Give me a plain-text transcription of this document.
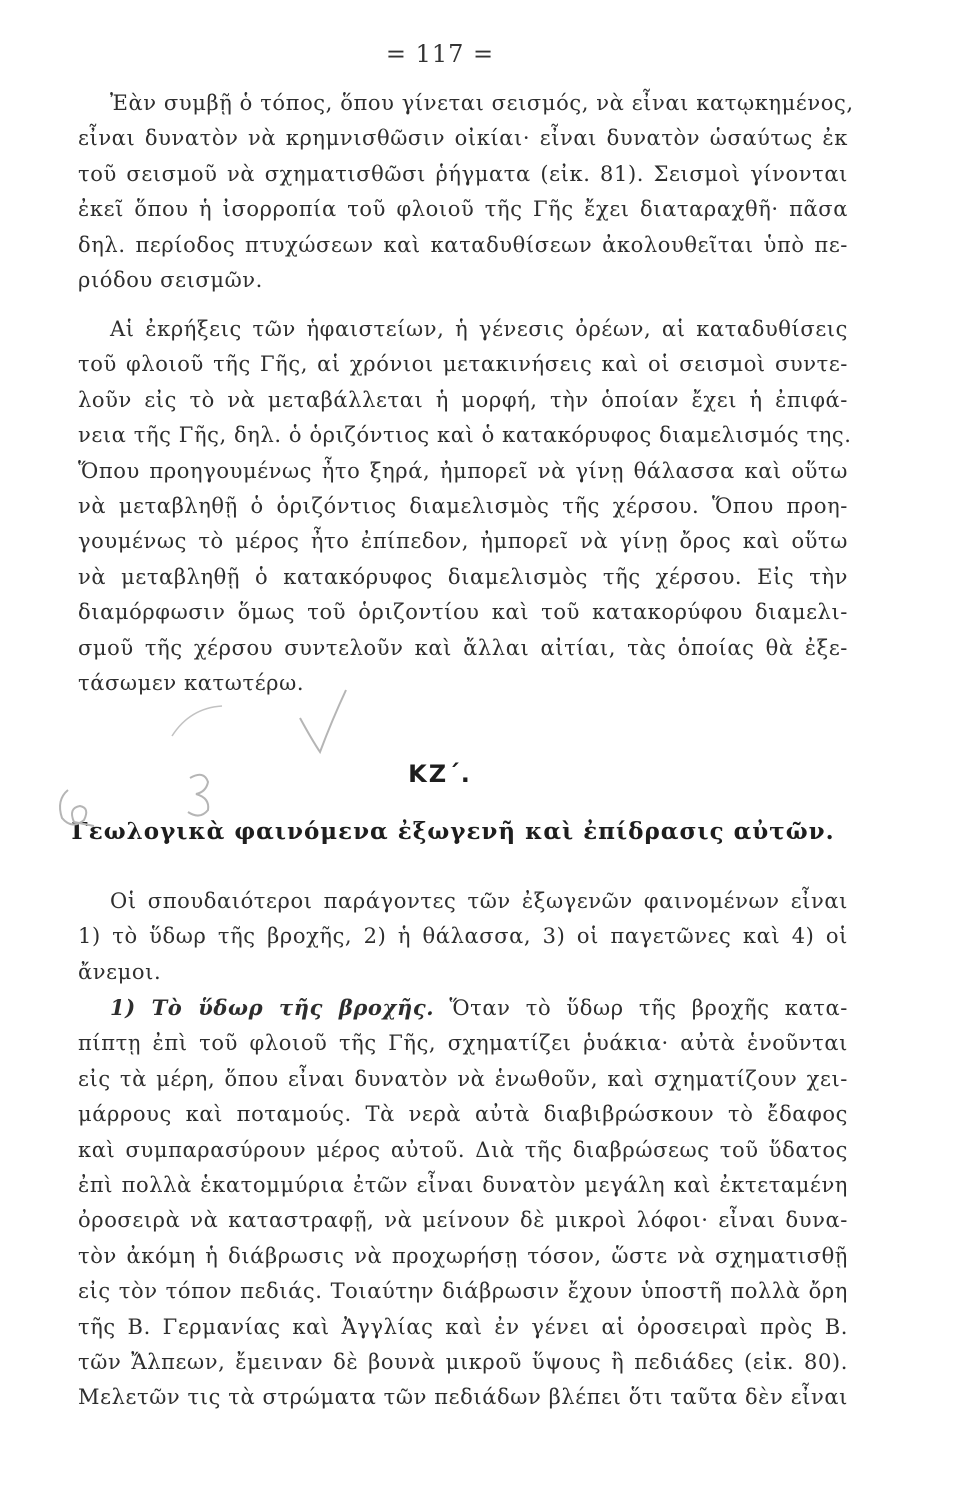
= 117 =
Ἐὰν συμβῇ ὁ τόπος, ὅπου γίνεται σεισμός, νὰ εἶναι κατῳκημένος,
εἶναι δυνατὸν νὰ κρημνισθῶσιν οἰκίαι· εἶναι δυνατὸν ὡσαύτως ἐκ
τοῦ σεισμοῦ νὰ σχηματισθῶσι ῥήγματα (εἰκ. 81). Σεισμοὶ γίνονται
ἐκεῖ ὅπου ἡ ἰσορροπία τοῦ φλοιοῦ τῆς Γῆς ἔχει διαταραχθῆ· πᾶσα
δηλ. περίοδος πτυχώσεων καὶ καταδυθίσεων ἀκολουθεῖται ὑπὸ πε-
ριόδου σεισμῶν.
Αἱ ἐκρήξεις τῶν ἡφαιστείων, ἡ γένεσις ὀρέων, αἱ καταδυθίσεις
τοῦ φλοιοῦ τῆς Γῆς, αἱ χρόνιοι μετακινήσεις καὶ οἱ σεισμοὶ συντε-
λοῦν εἰς τὸ νὰ μεταβάλλεται ἡ μορφή, τὴν ὁποίαν ἔχει ἡ ἐπιφά-
νεια τῆς Γῆς, δηλ. ὁ ὁριζόντιος καὶ ὁ κατακόρυφος διαμελισμός της.
Ὅπου προηγουμένως ἦτο ξηρά, ἠμπορεῖ νὰ γίνῃ θάλασσα καὶ οὕτω
νὰ μεταβληθῇ ὁ ὁριζόντιος διαμελισμὸς τῆς χέρσου. Ὅπου προη-
γουμένως τὸ μέρος ἦτο ἐπίπεδον, ἠμπορεῖ νὰ γίνῃ ὄρος καὶ οὕτω
νὰ μεταβληθῇ ὁ κατακόρυφος διαμελισμὸς τῆς χέρσου. Εἰς τὴν
διαμόρφωσιν ὅμως τοῦ ὁριζοντίου καὶ τοῦ κατακορύφου διαμελι-
σμοῦ τῆς χέρσου συντελοῦν καὶ ἄλλαι αἰτίαι, τὰς ὁποίας θὰ ἐξε-
τάσωμεν κατωτέρω.
ΚΖ΄.
Γεωλογικὰ φαινόμενα ἐξωγενῆ καὶ ἐπίδρασις αὐτῶν.
Οἱ σπουδαιότεροι παράγοντες τῶν ἐξωγενῶν φαινομένων εἶναι
1) τὸ ὕδωρ τῆς βροχῆς, 2) ἡ θάλασσα, 3) οἱ παγετῶνες καὶ 4) οἱ
ἄνεμοι.
1) Τὸ ὕδωρ τῆς βροχῆς. Ὅταν τὸ ὕδωρ τῆς βροχῆς κατα-
πίπτῃ ἐπὶ τοῦ φλοιοῦ τῆς Γῆς, σχηματίζει ῥυάκια· αὐτὰ ἑνοῦνται
εἰς τὰ μέρη, ὅπου εἶναι δυνατὸν νὰ ἑνωθοῦν, καὶ σχηματίζουν χει-
μάρρους καὶ ποταμούς. Τὰ νερὰ αὐτὰ διαβιβρώσκουν τὸ ἔδαφος
καὶ συμπαρασύρουν μέρος αὐτοῦ. Διὰ τῆς διαβρώσεως τοῦ ὕδατος
ἐπὶ πολλὰ ἑκατομμύρια ἐτῶν εἶναι δυνατὸν μεγάλη καὶ ἐκτεταμένη
ὀροσειρὰ νὰ καταστραφῇ, νὰ μείνουν δὲ μικροὶ λόφοι· εἶναι δυνα-
τὸν ἀκόμη ἡ διάβρωσις νὰ προχωρήσῃ τόσον, ὥστε νὰ σχηματισθῇ
εἰς τὸν τόπον πεδιάς. Τοιαύτην διάβρωσιν ἔχουν ὑποστῆ πολλὰ ὄρη
τῆς Β. Γερμανίας καὶ Ἀγγλίας καὶ ἐν γένει αἱ ὀροσειραὶ πρὸς Β.
τῶν Ἄλπεων, ἔμειναν δὲ βουνὰ μικροῦ ὕψους ἢ πεδιάδες (εἰκ. 80).
Μελετῶν τις τὰ στρώματα τῶν πεδιάδων βλέπει ὅτι ταῦτα δὲν εἶναι
